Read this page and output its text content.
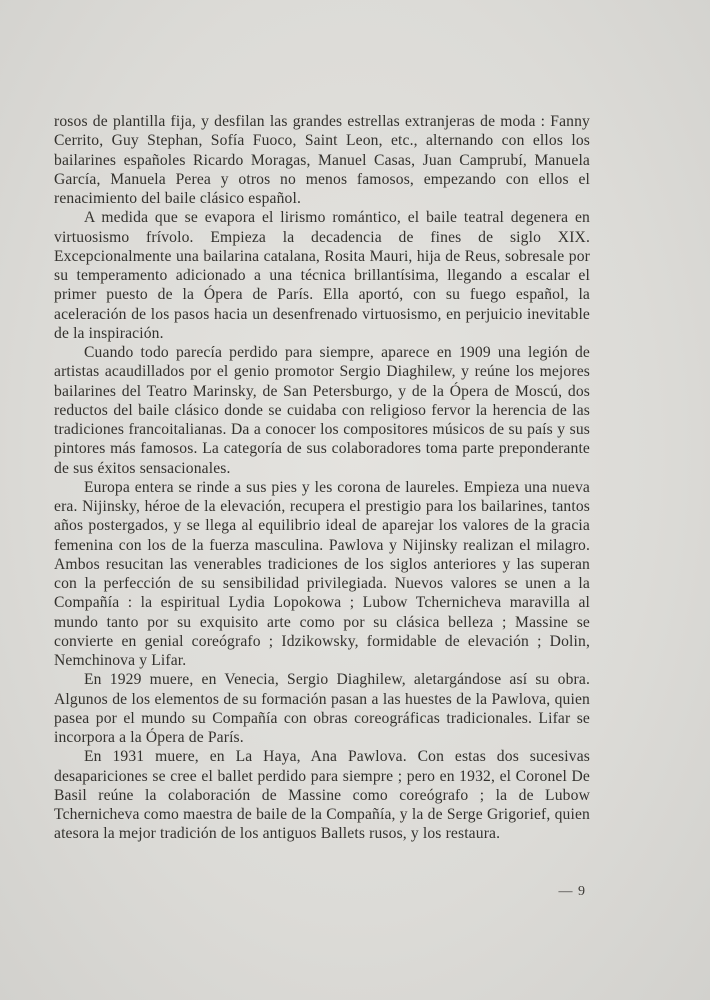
rosos de plantilla fija, y desfilan las grandes estrellas extranjeras de moda : Fanny Cerrito, Guy Stephan, Sofía Fuoco, Saint Leon, etc., alternando con ellos los bailarines españoles Ricardo Moragas, Manuel Casas, Juan Camprubí, Manuela García, Manuela Perea y otros no menos famosos, empezando con ellos el renacimiento del baile clásico español.

A medida que se evapora el lirismo romántico, el baile teatral degenera en virtuosismo frívolo. Empieza la decadencia de fines de siglo XIX. Excepcionalmente una bailarina catalana, Rosita Mauri, hija de Reus, sobresale por su temperamento adicionado a una técnica brillantísima, llegando a escalar el primer puesto de la Ópera de París. Ella aportó, con su fuego español, la aceleración de los pasos hacia un desenfrenado virtuosismo, en perjuicio inevitable de la inspiración.

Cuando todo parecía perdido para siempre, aparece en 1909 una legión de artistas acaudillados por el genio promotor Sergio Diaghilew, y reúne los mejores bailarines del Teatro Marinsky, de San Petersburgo, y de la Ópera de Moscú, dos reductos del baile clásico donde se cuidaba con religioso fervor la herencia de las tradiciones francoitalianas. Da a conocer los compositores músicos de su país y sus pintores más famosos. La categoría de sus colaboradores toma parte preponderante de sus éxitos sensacionales.

Europa entera se rinde a sus pies y les corona de laureles. Empieza una nueva era. Nijinsky, héroe de la elevación, recupera el prestigio para los bailarines, tantos años postergados, y se llega al equilibrio ideal de aparejar los valores de la gracia femenina con los de la fuerza masculina. Pawlova y Nijinsky realizan el milagro. Ambos resucitan las venerables tradiciones de los siglos anteriores y las superan con la perfección de su sensibilidad privilegiada. Nuevos valores se unen a la Compañía : la espiritual Lydia Lopokowa ; Lubow Tchernicheva maravilla al mundo tanto por su exquisito arte como por su clásica belleza ; Massine se convierte en genial coreógrafo ; Idzikowsky, formidable de elevación ; Dolin, Nemchinova y Lifar.

En 1929 muere, en Venecia, Sergio Diaghilew, aletargándose así su obra. Algunos de los elementos de su formación pasan a las huestes de la Pawlova, quien pasea por el mundo su Compañía con obras coreográficas tradicionales. Lifar se incorpora a la Ópera de París.

En 1931 muere, en La Haya, Ana Pawlova. Con estas dos sucesivas desapariciones se cree el ballet perdido para siempre ; pero en 1932, el Coronel De Basil reúne la colaboración de Massine como coreógrafo ; la de Lubow Tchernicheva como maestra de baile de la Compañía, y la de Serge Grigorief, quien atesora la mejor tradición de los antiguos Ballets rusos, y los restaura.

— 9
